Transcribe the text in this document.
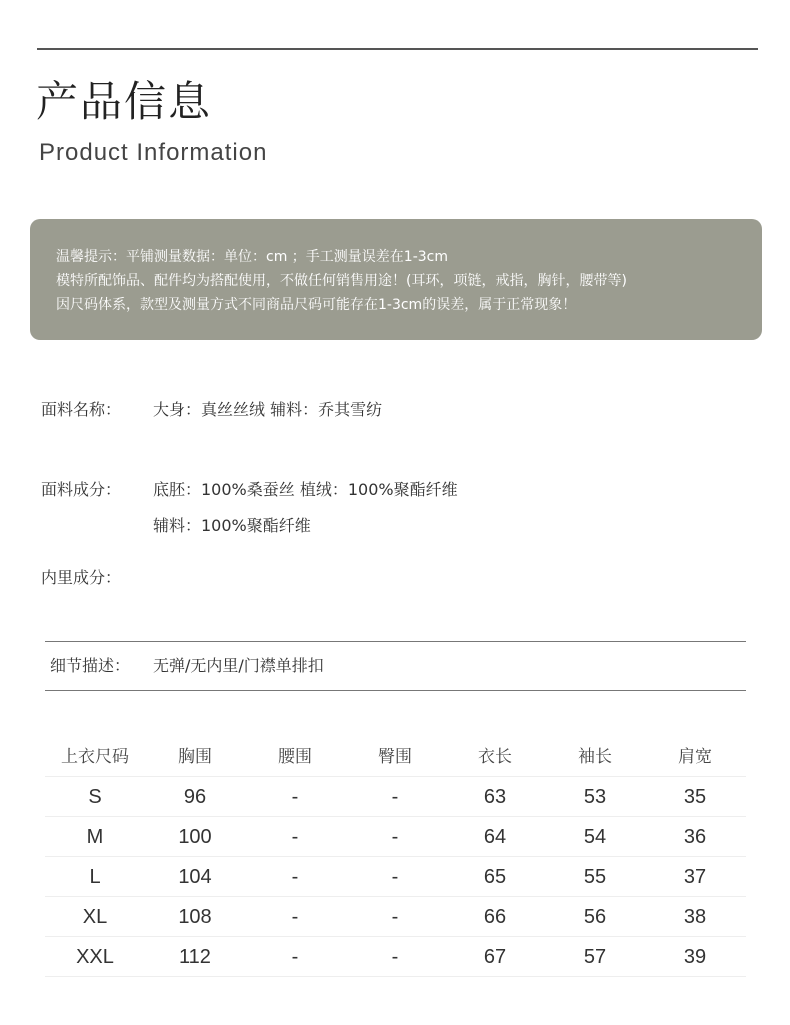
产品信息
Product Information
温馨提示：平铺测量数据：单位：cm ；手工测量误差在1-3cm
模特所配饰品、配件均为搭配使用，不做任何销售用途！(耳环，项链，戒指，胸针，腰带等)
因尺码体系，款型及测量方式不同商品尺码可能存在1-3cm的误差，属于正常现象！
面料名称： 大身：真丝丝绒 辅料：乔其雪纺
面料成分： 底胚：100%桑蚕丝 植绒：100%聚酯纤维
辅料：100%聚酯纤维
内里成分：
细节描述： 无弹/无内里/门襟单排扣
上衣尺码	胸围	腰围	臀围	衣长	袖长	肩宽
S	96	-	-	63	53	35
M	100	-	-	64	54	36
L	104	-	-	65	55	37
XL	108	-	-	66	56	38
XXL	112	-	-	67	57	39
